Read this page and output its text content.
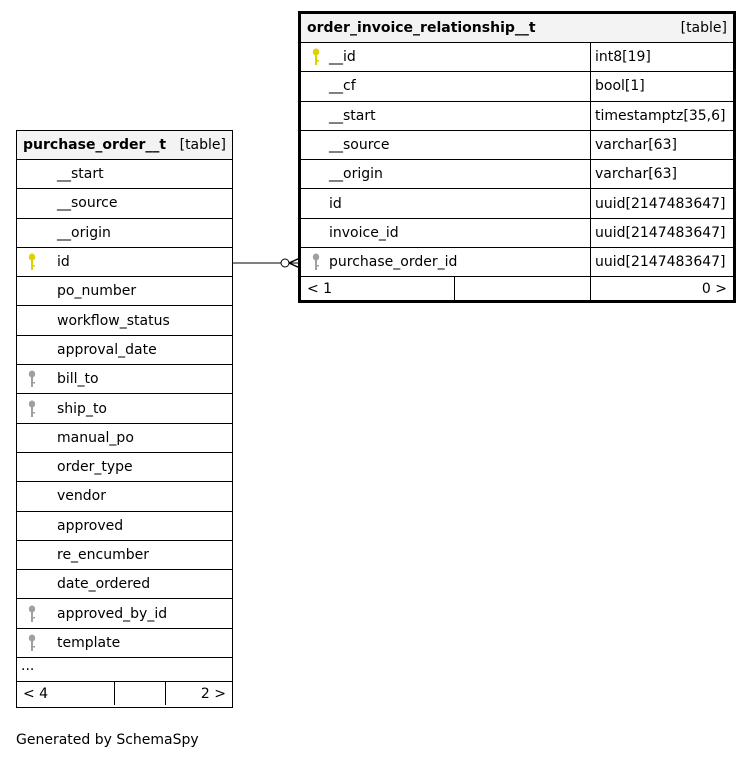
purchase_order__t [table]
__start
__source
__origin
id
po_number
workflow_status
approval_date
bill_to
ship_to
manual_po
order_type
vendor
approved
re_encumber
date_ordered
approved_by_id
template
...
< 4	2 >
order_invoice_relationship__t	[table]
__id	int8[19]
__cf	bool[1]
__start	timestamptz[35,6]
__source	varchar[63]
__origin	varchar[63]
id	uuid[2147483647]
invoice_id	uuid[2147483647]
purchase_order_id	uuid[2147483647]
< 1	0 >
Generated by SchemaSpy
